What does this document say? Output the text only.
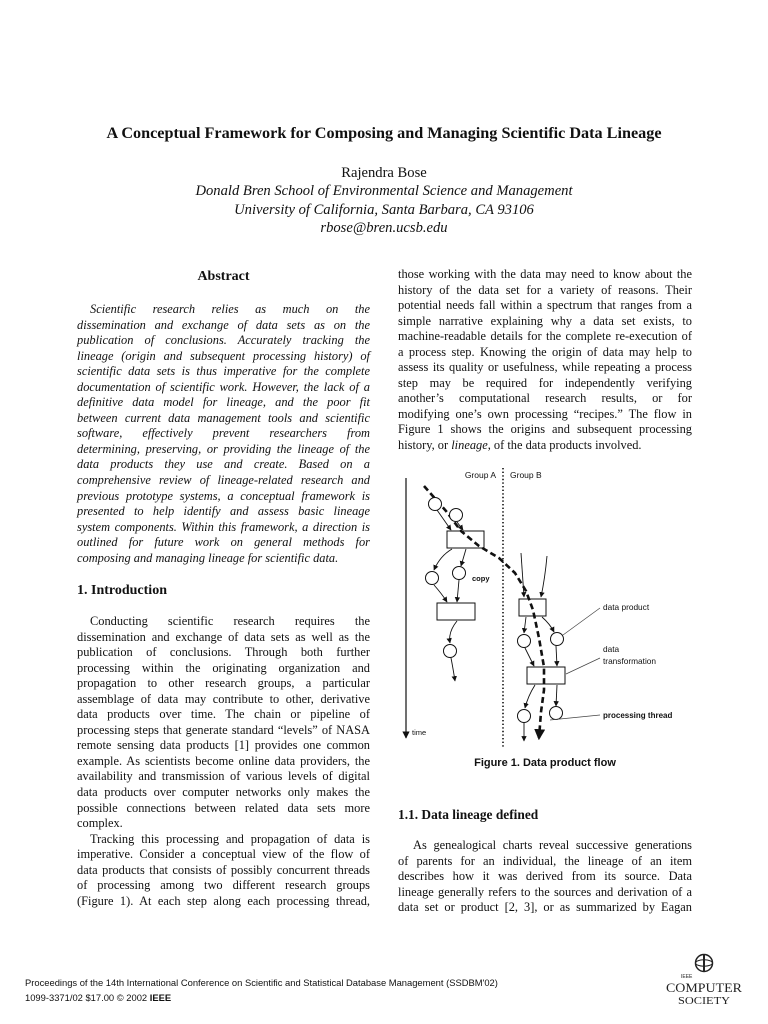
A Conceptual Framework for Composing and Managing Scientific Data Lineage
Rajendra Bose
Donald Bren School of Environmental Science and Management
University of California, Santa Barbara, CA 93106
rbose@bren.ucsb.edu
Abstract
Scientific research relies as much on the
dissemination and exchange of data sets as on the
publication of conclusions. Accurately tracking the
lineage (origin and subsequent processing history) of
scientific data sets is thus imperative for the complete
documentation of scientific work. However, the lack of a
definitive data model for lineage, and the poor fit
between current data management tools and scientific
software, effectively prevent researchers from
determining, preserving, or providing the lineage of the
data products they use and create. Based on a
comprehensive review of lineage-related research and
previous prototype systems, a conceptual framework is
presented to help identify and assess basic lineage
system components. Within this framework, a direction is
outlined for future work on general methods for
composing and managing lineage for scientific data.
1. Introduction
Conducting scientific research requires the
dissemination and exchange of data sets as well as the
publication of conclusions. Through both further
processing within the originating organization and
propagation to other research groups, a particular
assemblage of data may contribute to other, derivative
data products over time. The chain or pipeline of
processing steps that generate standard “levels” of NASA
remote sensing data products [1] provides one common
example. As scientists become online data providers, the
availability and transmission of various levels of digital
data products over computer networks only makes the
possible connections between related data sets more
complex.
Tracking this processing and propagation of data is
imperative. Consider a conceptual view of the flow of
data products that consists of possibly concurrent threads
of processing among two different research groups
(Figure 1). At each step along each processing thread,
those working with the data may need to know about the
history of the data set for a variety of reasons. Their
potential needs fall within a spectrum that ranges from a
simple narrative explaining why a data set exists, to
machine-readable details for the complete re-execution of
a process step. Knowing the origin of data may help to
assess its quality or usefulness, while repeating a process
step may be required for independently verifying
another’s computational research results, or for
modifying one’s own processing “recipes.” The flow in
Figure 1 shows the origins and subsequent processing
history, or lineage, of the data products involved.
time
Group A Group B
copy
data product
data
transformation
processing thread
Figure 1. Data product flow
1.1. Data lineage defined
As genealogical charts reveal successive generations
of parents for an individual, the lineage of an item
describes how it was derived from its source. Data
lineage generally refers to the sources and derivation of a
data set or product [2, 3], or as summarized by Eagan
Proceedings of the 14th International Conference on Scientific and Statistical Database Management (SSDBM'02)
1099-3371/02 $17.00 © 2002 IEEE
IEEE
COMPUTER
SOCIETY
